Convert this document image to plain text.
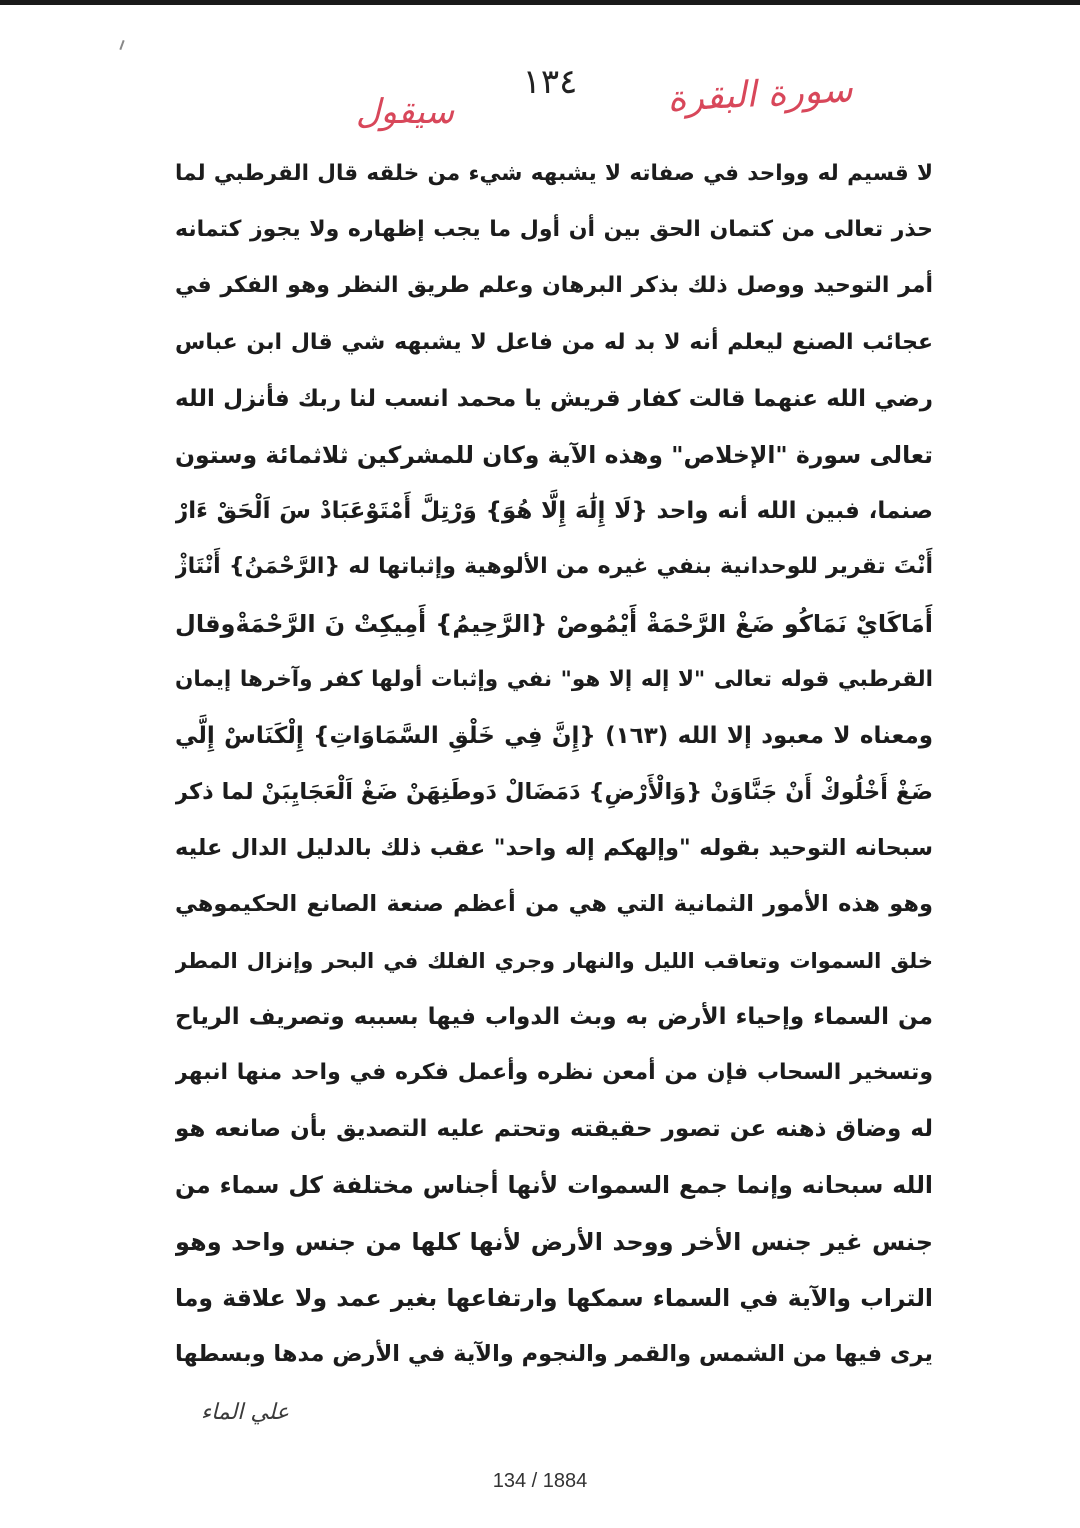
١٣٤	سورة البقرة
سيقول
لا قسيم له وواحد في صفاته لا يشبهه شيء من خلقه قال القرطبي لما
حذر تعالى من كتمان الحق بين أن أول ما يجب إظهاره ولا يجوز كتمانه
أمر التوحيد ووصل ذلك بذكر البرهان وعلم طريق النظر وهو الفكر في
عجائب الصنع ليعلم أنه لا بد له من فاعل لا يشبهه شي قال ابن عباس
رضي الله عنهما قالت كفار قريش يا محمد انسب لنا ربك فأنزل الله
تعالى سورة "الإخلاص" وهذه الآية وكان للمشركين ثلاثمائة وستون
صنما، فبين الله أنه واحد {لَا إِلَٰهَ إِلَّا هُوَ} وَرْتِلَّ أَمْتَوْعَبَادْ سَ اَلْحَقْ ءَارْ
أَنْتَ تقرير للوحدانية بنفي غيره من الألوهية وإثباتها له {الرَّحْمَنُ} أَنْتَاژْ
أَمَاكَايْ نَمَاكُو ضَغْ الرَّحْمَةْ أَيْمُوصْ {الرَّحِيمُ} أَمِيكِتْ نَ الرَّحْمَةْوقال
القرطبي قوله تعالى "لا إله إلا هو" نفي وإثبات أولها كفر وآخرها إيمان
ومعناه لا معبود إلا الله (١٦٣) {إِنَّ فِي خَلْقِ السَّمَاوَاتِ} إِلْكَنَاسْ إِلَّي
ضَغْ أَخْلُوكْ أَنْ جَنَّاوَنْ {وَالْأَرْضِ} دَمَضَالْ دَوطَنِهَنْ ضَغْ اَلْعَجَايِبَنْ لما ذكر
سبحانه التوحيد بقوله "وإلهكم إله واحد" عقب ذلك بالدليل الدال عليه
وهو هذه الأمور الثمانية التي هي من أعظم صنعة الصانع الحكيموهي
خلق السموات وتعاقب الليل والنهار وجري الفلك في البحر وإنزال المطر
من السماء وإحياء الأرض به وبث الدواب فيها بسببه وتصريف الرياح
وتسخير السحاب فإن من أمعن نظره وأعمل فكره في واحد منها انبهر
له وضاق ذهنه عن تصور حقيقته وتحتم عليه التصديق بأن صانعه هو
الله سبحانه وإنما جمع السموات لأنها أجناس مختلفة كل سماء من
جنس غير جنس الأخر ووحد الأرض لأنها كلها من جنس واحد وهو
التراب والآية في السماء سمكها وارتفاعها بغير عمد ولا علاقة وما
يرى فيها من الشمس والقمر والنجوم والآية في الأرض مدها وبسطها
علي الماء
134 / 1884
